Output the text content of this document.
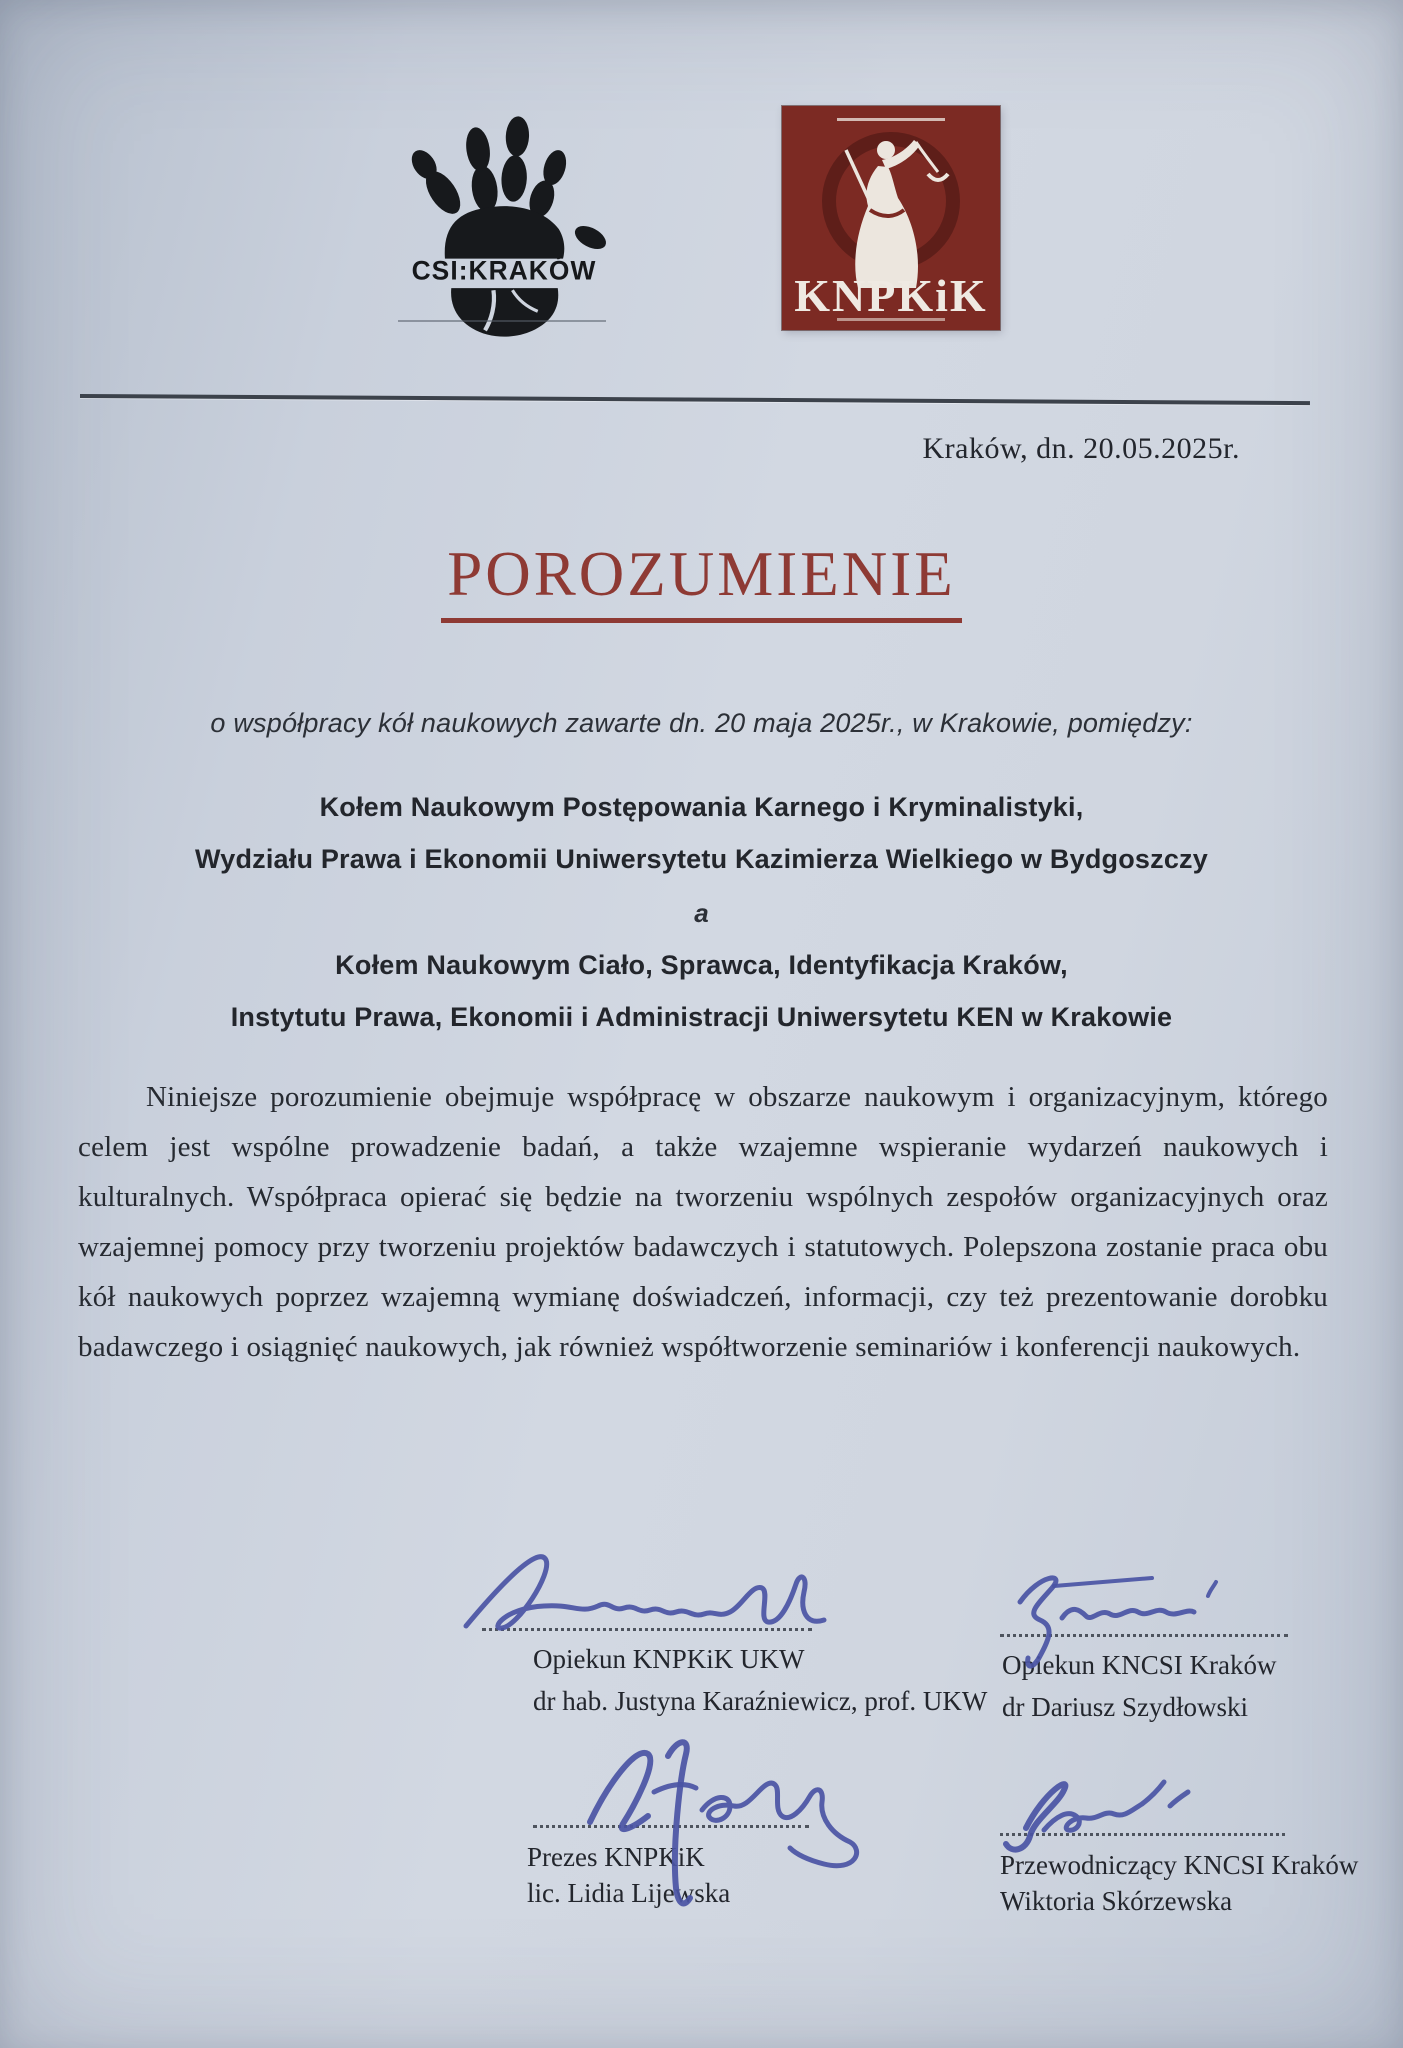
CSI:KRAKÓW	KNPKiK
Kraków, dn. 20.05.2025r.
POROZUMIENIE
o współpracy kół naukowych zawarte dn. 20 maja 2025r., w Krakowie, pomiędzy:
Kołem Naukowym Postępowania Karnego i Kryminalistyki,
Wydziału Prawa i Ekonomii Uniwersytetu Kazimierza Wielkiego w Bydgoszczy
a
Kołem Naukowym Ciało, Sprawca, Identyfikacja Kraków,
Instytutu Prawa, Ekonomii i Administracji Uniwersytetu KEN w Krakowie
Niniejsze porozumienie obejmuje współpracę w obszarze naukowym i organizacyjnym, którego celem jest wspólne prowadzenie badań, a także wzajemne wspieranie wydarzeń naukowych i kulturalnych. Współpraca opierać się będzie na tworzeniu wspólnych zespołów organizacyjnych oraz wzajemnej pomocy przy tworzeniu projektów badawczych i statutowych. Polepszona zostanie praca obu kół naukowych poprzez wzajemną wymianę doświadczeń, informacji, czy też prezentowanie dorobku badawczego i osiągnięć naukowych, jak również współtworzenie seminariów i konferencji naukowych.
Opiekun KNPKiK UKW
dr hab. Justyna Karaźniewicz, prof. UKW
Opiekun KNCSI Kraków
dr Dariusz Szydłowski
Prezes KNPKiK
lic. Lidia Lijewska
Przewodniczący KNCSI Kraków
Wiktoria Skórzewska
